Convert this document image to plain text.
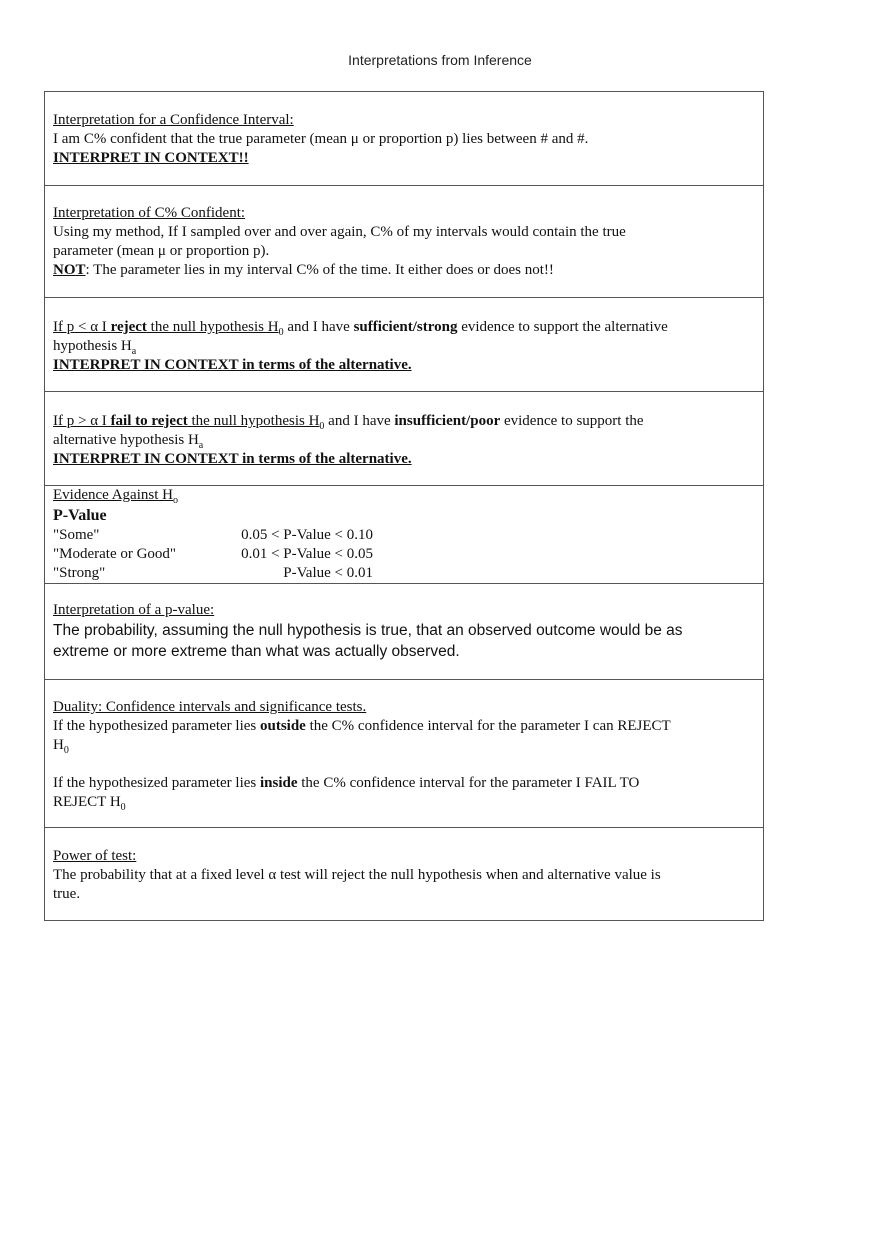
Interpretations from Inference
Interpretation for a Confidence Interval:
I am C% confident that the true parameter (mean μ or proportion p) lies between # and #.
INTERPRET IN CONTEXT!!
Interpretation of C% Confident:
Using my method, If I sampled over and over again, C% of my intervals would contain the true
parameter (mean μ or proportion p).
NOT: The parameter lies in my interval C% of the time. It either does or does not!!
If p < α I reject the null hypothesis $H_0$ and I have sufficient/strong evidence to support the alternative
hypothesis $H_a$
INTERPRET IN CONTEXT in terms of the alternative.
If p > α I fail to reject the null hypothesis $H_0$ and I have insufficient/poor evidence to support the
alternative hypothesis $H_a$
INTERPRET IN CONTEXT in terms of the alternative.
Evidence Against $H_o$
P-Value
"Some"	0.05 < P-Value < 0.10
"Moderate or Good"	0.01 < P-Value < 0.05
"Strong"	P-Value < 0.01
Interpretation of a p-value:
The probability, assuming the null hypothesis is true, that an observed outcome would be as
extreme or more extreme than what was actually observed.
Duality: Confidence intervals and significance tests.
If the hypothesized parameter lies outside the C% confidence interval for the parameter I can REJECT
$H_0$
If the hypothesized parameter lies inside the C% confidence interval for the parameter I FAIL TO
REJECT $H_0$
Power of test:
The probability that at a fixed level α test will reject the null hypothesis when and alternative value is
true.
